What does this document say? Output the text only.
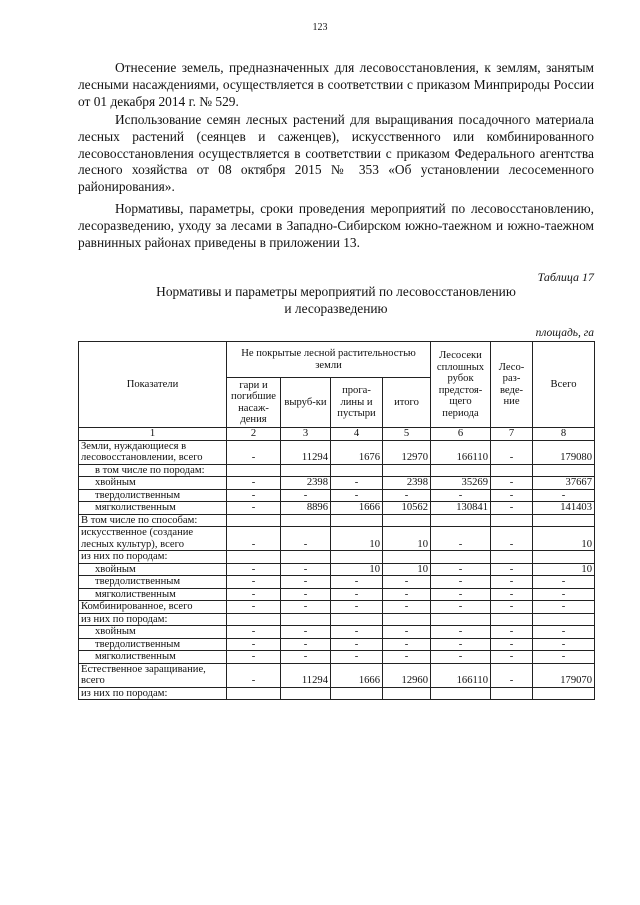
123

Отнесение земель, предназначенных для лесовосстановления, к землям, занятым лесными насаждениями, осуществляется в соответствии с приказом Минприроды России от 01 декабря 2014 г. № 529.

Использование семян лесных растений для выращивания посадочного материала лесных растений (сеянцев и саженцев), искусственного или комбинированного лесовосстановления осуществляется в соответствии с приказом Федерального агентства лесного хозяйства от 08 октября 2015 № 353 «Об установлении лесосеменного районирования».

Нормативы, параметры, сроки проведения мероприятий по лесовосстановлению, лесоразведению, уходу за лесами в Западно-Сибирском южно-таежном и южно-таежном равнинных районах приведены в приложении 13.

Таблица 17
Нормативы и параметры мероприятий по лесовосстановлению
и лесоразведению
площадь, га
Показатели	Не покрытые лесной растительностью земли				Лесосеки сплошных рубок предстоя-щего периода	Лесо-раз-веде-ние	Всего
	гари и погибшие насаж-дения	выруб-ки	прога-лины и пустыри	итого			
1	2	3	4	5	6	7	8
Земли, нуждающиеся в лесовосстановлении, всего	-	11294	1676	12970	166110	-	179080
в том числе по породам:							
хвойным	-	2398	-	2398	35269	-	37667
твердолиственным	-	-	-	-	-	-	-
мягколиственным	-	8896	1666	10562	130841	-	141403
В том числе по способам:							
искусственное (создание лесных культур), всего	-	-	10	10	-	-	10
из них по породам:							
хвойным	-	-	10	10	-	-	10
твердолиственным	-	-	-	-	-	-	-
мягколиственным	-	-	-	-	-	-	-
Комбинированное, всего	-	-	-	-	-	-	-
из них по породам:							
хвойным	-	-	-	-	-	-	-
твердолиственным	-	-	-	-	-	-	-
мягколиственным	-	-	-	-	-	-	-
Естественное заращивание, всего	-	11294	1666	12960	166110	-	179070
из них по породам:							
